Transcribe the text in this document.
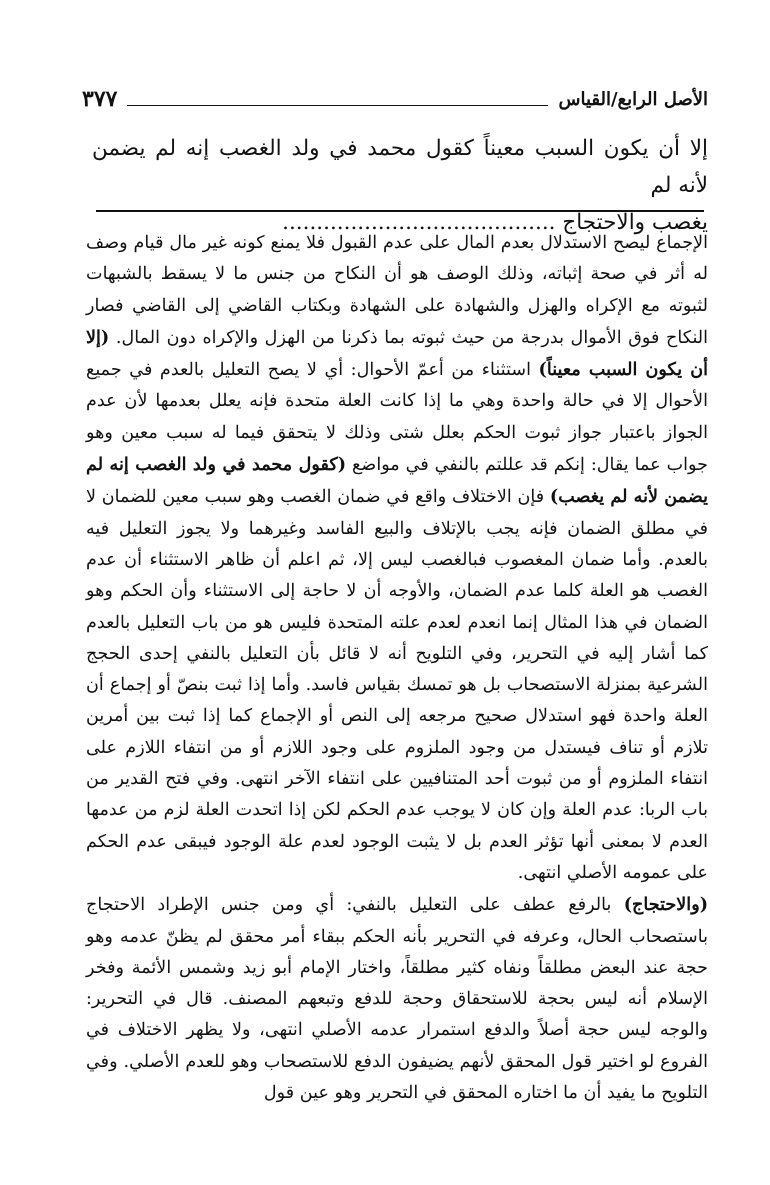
الأصل الرابع/القياس
٣٧٧
إلا أن يكون السبب معيناً كقول محمد في ولد الغصب إنه لم يضمن لأنه لم
يغصب والاحتجاج ........................................

الإجماع ليصح الاستدلال بعدم المال على عدم القبول فلا يمنع كونه غير مال قيام وصف له أثر في صحة إثباته، وذلك الوصف هو أن النكاح من جنس ما لا يسقط بالشبهات لثبوته مع الإكراه والهزل والشهادة على الشهادة وبكتاب القاضي إلى القاضي فصار النكاح فوق الأموال بدرجة من حيث ثبوته بما ذكرنا من الهزل والإكراه دون المال. (إلا أن يكون السبب معيناً) استثناء من أعمّ الأحوال: أي لا يصح التعليل بالعدم في جميع الأحوال إلا في حالة واحدة وهي ما إذا كانت العلة متحدة فإنه يعلل بعدمها لأن عدم الجواز باعتبار جواز ثبوت الحكم بعلل شتى وذلك لا يتحقق فيما له سبب معين وهو جواب عما يقال: إنكم قد عللتم بالنفي في مواضع (كقول محمد في ولد الغصب إنه لم يضمن لأنه لم يغصب) فإن الاختلاف واقع في ضمان الغصب وهو سبب معين للضمان لا في مطلق الضمان فإنه يجب بالإتلاف والبيع الفاسد وغيرهما ولا يجوز التعليل فيه بالعدم. وأما ضمان المغصوب فبالغصب ليس إلا، ثم اعلم أن ظاهر الاستثناء أن عدم الغصب هو العلة كلما عدم الضمان، والأوجه أن لا حاجة إلى الاستثناء وأن الحكم وهو الضمان في هذا المثال إنما انعدم لعدم علته المتحدة فليس هو من باب التعليل بالعدم كما أشار إليه في التحرير، وفي التلويح أنه لا قائل بأن التعليل بالنفي إحدى الحجج الشرعية بمنزلة الاستصحاب بل هو تمسك بقياس فاسد. وأما إذا ثبت بنصّ أو إجماع أن العلة واحدة فهو استدلال صحيح مرجعه إلى النص أو الإجماع كما إذا ثبت بين أمرين تلازم أو تناف فيستدل من وجود الملزوم على وجود اللازم أو من انتفاء اللازم على انتفاء الملزوم أو من ثبوت أحد المتنافيين على انتفاء الآخر انتهى. وفي فتح القدير من باب الربا: عدم العلة وإن كان لا يوجب عدم الحكم لكن إذا اتحدت العلة لزم من عدمها العدم لا بمعنى أنها تؤثر العدم بل لا يثبت الوجود لعدم علة الوجود فيبقى عدم الحكم على عمومه الأصلي انتهى.

(والاحتجاج) بالرفع عطف على التعليل بالنفي: أي ومن جنس الإطراد الاحتجاج باستصحاب الحال، وعرفه في التحرير بأنه الحكم ببقاء أمر محقق لم يظنّ عدمه وهو حجة عند البعض مطلقاً ونفاه كثير مطلقاً، واختار الإمام أبو زيد وشمس الأئمة وفخر الإسلام أنه ليس بحجة للاستحقاق وحجة للدفع وتبعهم المصنف. قال في التحرير: والوجه ليس حجة أصلاً والدفع استمرار عدمه الأصلي انتهى، ولا يظهر الاختلاف في الفروع لو اختير قول المحقق لأنهم يضيفون الدفع للاستصحاب وهو للعدم الأصلي. وفي التلويح ما يفيد أن ما اختاره المحقق في التحرير وهو عين قول
